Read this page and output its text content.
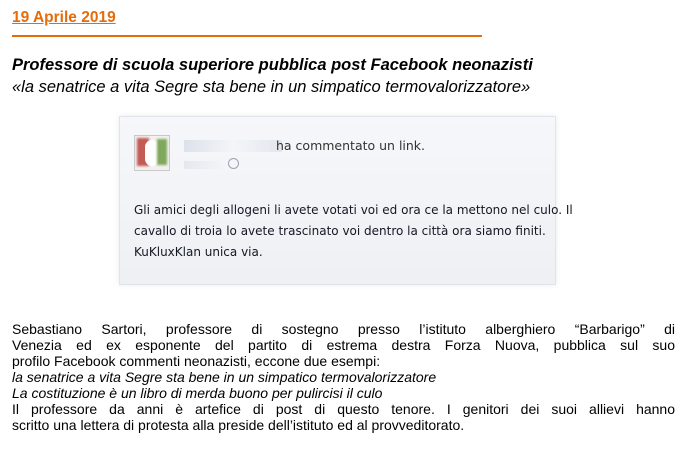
19 Aprile 2019
Professore di scuola superiore pubblica post Facebook neonazisti
«la senatrice a vita Segre sta bene in un simpatico termovalorizzatore»
ha commentato un link.
Gli amici degli allogeni li avete votati voi ed ora ce la mettono nel culo. Il
cavallo di troia lo avete trascinato voi dentro la città ora siamo finiti.
KuKluxKlan unica via.

Sebastiano Sartori, professore di sostegno presso l’istituto alberghiero “Barbarigo” di

Venezia ed ex esponente del partito di estrema destra Forza Nuova, pubblica sul suo

profilo Facebook commenti neonazisti, eccone due esempi:

la senatrice a vita Segre sta bene in un simpatico termovalorizzatore

La costituzione è un libro di merda buono per pulircisi il culo

Il professore da anni è artefice di post di questo tenore. I genitori dei suoi allievi hanno

scritto una lettera di protesta alla preside dell’istituto ed al provveditorato.
